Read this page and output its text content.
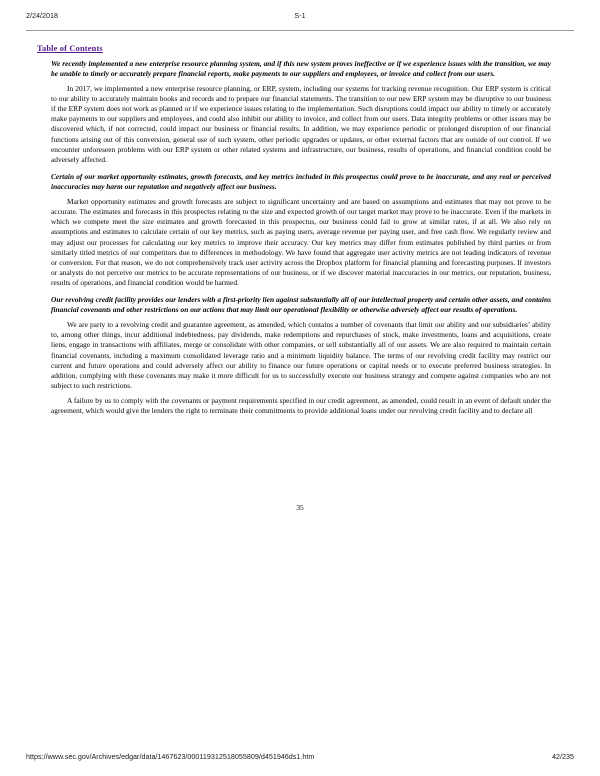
2/24/2018	S-1
Table of Contents

We recently implemented a new enterprise resource planning system, and if this new system proves ineffective or if we experience issues with the transition, we may be unable to timely or accurately prepare financial reports, make payments to our suppliers and employees, or invoice and collect from our users.

In 2017, we implemented a new enterprise resource planning, or ERP, system, including our systems for tracking revenue recognition. Our ERP system is critical to our ability to accurately maintain books and records and to prepare our financial statements. The transition to our new ERP system may be disruptive to our business if the ERP system does not work as planned or if we experience issues relating to the implementation. Such disruptions could impact our ability to timely or accurately make payments to our suppliers and employees, and could also inhibit our ability to invoice, and collect from our users. Data integrity problems or other issues may be discovered which, if not corrected, could impact our business or financial results. In addition, we may experience periodic or prolonged disruption of our financial functions arising out of this conversion, general use of such system, other periodic upgrades or updates, or other external factors that are outside of our control. If we encounter unforeseen problems with our ERP system or other related systems and infrastructure, our business, results of operations, and financial condition could be adversely affected.

Certain of our market opportunity estimates, growth forecasts, and key metrics included in this prospectus could prove to be inaccurate, and any real or perceived inaccuracies may harm our reputation and negatively affect our business.

Market opportunity estimates and growth forecasts are subject to significant uncertainty and are based on assumptions and estimates that may not prove to be accurate. The estimates and forecasts in this prospectus relating to the size and expected growth of our target market may prove to be inaccurate. Even if the markets in which we compete meet the size estimates and growth forecasted in this prospectus, our business could fail to grow at similar rates, if at all. We also rely on assumptions and estimates to calculate certain of our key metrics, such as paying users, average revenue per paying user, and free cash flow. We regularly review and may adjust our processes for calculating our key metrics to improve their accuracy. Our key metrics may differ from estimates published by third parties or from similarly titled metrics of our competitors due to differences in methodology. We have found that aggregate user activity metrics are not leading indicators of revenue or conversion. For that reason, we do not comprehensively track user activity across the Dropbox platform for financial planning and forecasting purposes. If investors or analysts do not perceive our metrics to be accurate representations of our business, or if we discover material inaccuracies in our metrics, our reputation, business, results of operations, and financial condition would be harmed.

Our revolving credit facility provides our lenders with a first-priority lien against substantially all of our intellectual property and certain other assets, and contains financial covenants and other restrictions on our actions that may limit our operational flexibility or otherwise adversely affect our results of operations.

We are party to a revolving credit and guarantee agreement, as amended, which contains a number of covenants that limit our ability and our subsidiaries’ ability to, among other things, incur additional indebtedness, pay dividends, make redemptions and repurchases of stock, make investments, loans and acquisitions, create liens, engage in transactions with affiliates, merge or consolidate with other companies, or sell substantially all of our assets. We are also required to maintain certain financial covenants, including a maximum consolidated leverage ratio and a minimum liquidity balance. The terms of our revolving credit facility may restrict our current and future operations and could adversely affect our ability to finance our future operations or capital needs or to execute preferred business strategies. In addition, complying with these covenants may make it more difficult for us to successfully execute our business strategy and compete against companies who are not subject to such restrictions.

A failure by us to comply with the covenants or payment requirements specified in our credit agreement, as amended, could result in an event of default under the agreement, which would give the lenders the right to terminate their commitments to provide additional loans under our revolving credit facility and to declare all

35
https://www.sec.gov/Archives/edgar/data/1467623/000119312518055809/d451946ds1.htm	42/235
